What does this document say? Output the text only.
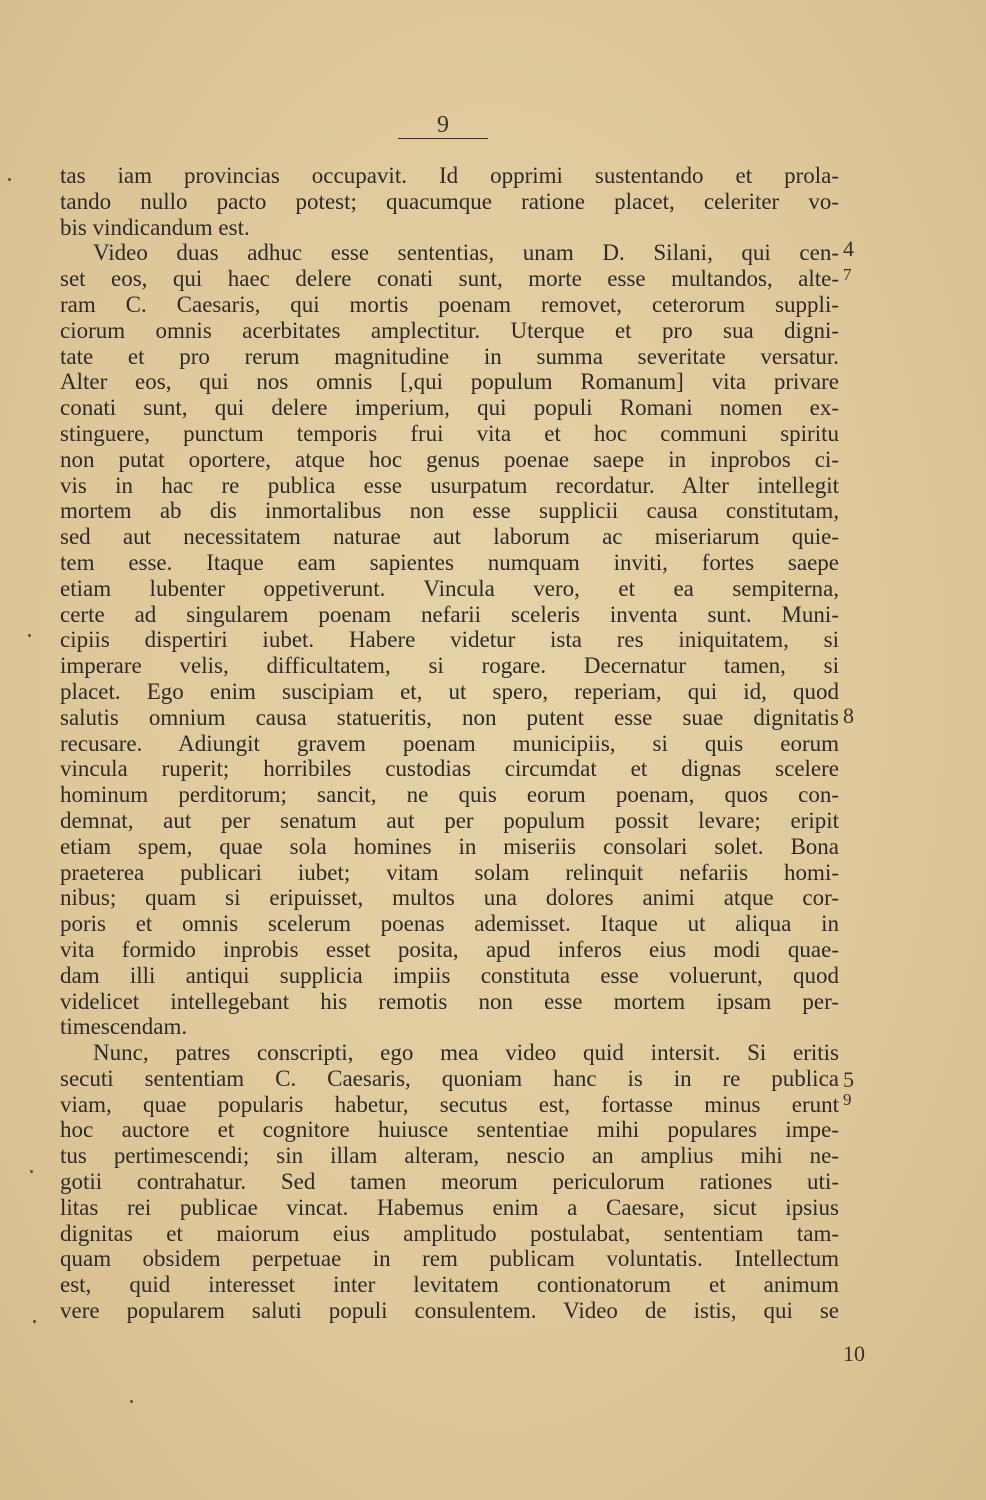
9
tas iam provincias occupavit. Id opprimi sustentando et prola-
tando nullo pacto potest; quacumque ratione placet, celeriter vo-
bis vindicandum est.
Video duas adhuc esse sententias, unam D. Silani, qui cen-
set eos, qui haec delere conati sunt, morte esse multandos, alte-
ram C. Caesaris, qui mortis poenam removet, ceterorum suppli-
ciorum omnis acerbitates amplectitur. Uterque et pro sua digni-
tate et pro rerum magnitudine in summa severitate versatur.
Alter eos, qui nos omnis [,qui populum Romanum] vita privare
conati sunt, qui delere imperium, qui populi Romani nomen ex-
stinguere, punctum temporis frui vita et hoc communi spiritu
non putat oportere, atque hoc genus poenae saepe in inprobos ci-
vis in hac re publica esse usurpatum recordatur. Alter intellegit
mortem ab dis inmortalibus non esse supplicii causa constitutam,
sed aut necessitatem naturae aut laborum ac miseriarum quie-
tem esse. Itaque eam sapientes numquam inviti, fortes saepe
etiam lubenter oppetiverunt. Vincula vero, et ea sempiterna,
certe ad singularem poenam nefarii sceleris inventa sunt. Muni-
cipiis dispertiri iubet. Habere videtur ista res iniquitatem, si
imperare velis, difficultatem, si rogare. Decernatur tamen, si
placet. Ego enim suscipiam et, ut spero, reperiam, qui id, quod
salutis omnium causa statueritis, non putent esse suae dignitatis
recusare. Adiungit gravem poenam municipiis, si quis eorum
vincula ruperit; horribiles custodias circumdat et dignas scelere
hominum perditorum; sancit, ne quis eorum poenam, quos con-
demnat, aut per senatum aut per populum possit levare; eripit
etiam spem, quae sola homines in miseriis consolari solet. Bona
praeterea publicari iubet; vitam solam relinquit nefariis homi-
nibus; quam si eripuisset, multos una dolores animi atque cor-
poris et omnis scelerum poenas ademisset. Itaque ut aliqua in
vita formido inprobis esset posita, apud inferos eius modi quae-
dam illi antiqui supplicia impiis constituta esse voluerunt, quod
videlicet intellegebant his remotis non esse mortem ipsam per-
timescendam.
Nunc, patres conscripti, ego mea video quid intersit. Si eritis
secuti sententiam C. Caesaris, quoniam hanc is in re publica
viam, quae popularis habetur, secutus est, fortasse minus erunt
hoc auctore et cognitore huiusce sententiae mihi populares impe-
tus pertimescendi; sin illam alteram, nescio an amplius mihi ne-
gotii contrahatur. Sed tamen meorum periculorum rationes uti-
litas rei publicae vincat. Habemus enim a Caesare, sicut ipsius
dignitas et maiorum eius amplitudo postulabat, sententiam tam-
quam obsidem perpetuae in rem publicam voluntatis. Intellectum
est, quid interesset inter levitatem contionatorum et animum
vere popularem saluti populi consulentem. Video de istis, qui se
4
7
8
5
9
10
